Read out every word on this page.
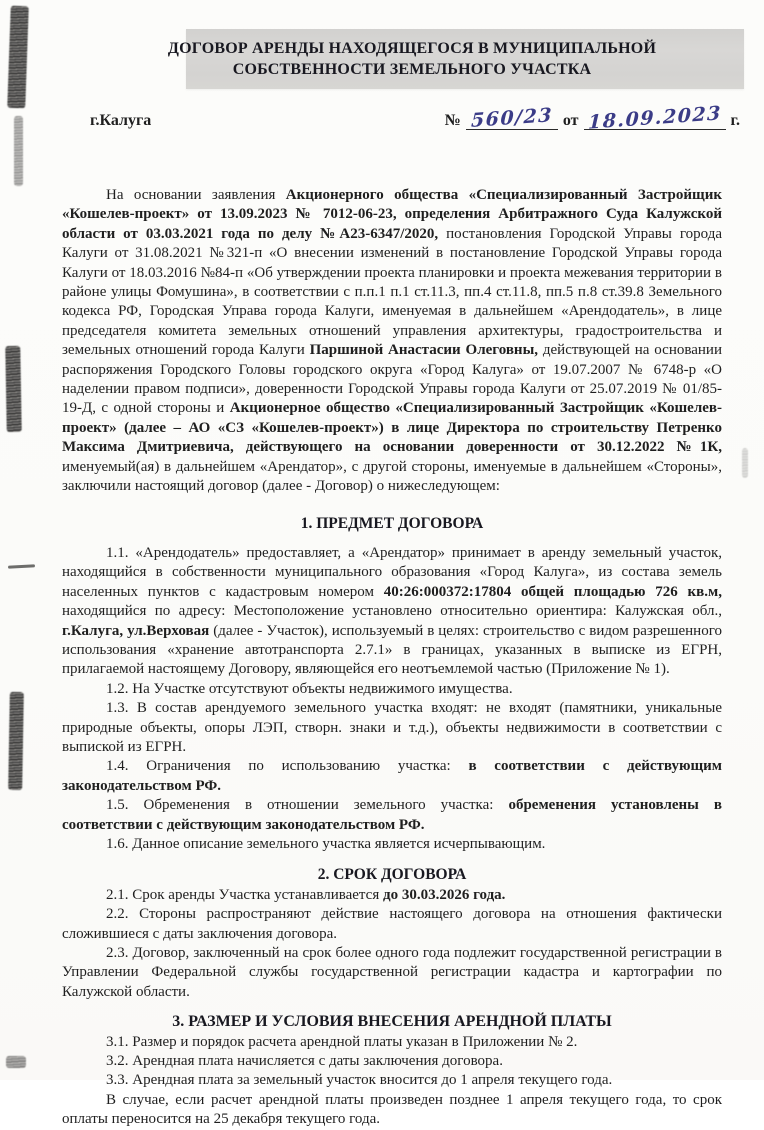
ДОГОВОР АРЕНДЫ НАХОДЯЩЕГОСЯ В МУНИЦИПАЛЬНОЙ СОБСТВЕННОСТИ ЗЕМЕЛЬНОГО УЧАСТКА
г.Калуга	№ 560/23 от 18.09.2023 г.

На основании заявления Акционерного общества «Специализированный Застройщик «Кошелев-проект» от 13.09.2023 № 7012-06-23, определения Арбитражного Суда Калужской области от 03.03.2021 года по делу №А23-6347/2020, постановления Городской Управы города Калуги от 31.08.2021 №321-п «О внесении изменений в постановление Городской Управы города Калуги от 18.03.2016 №84-п «Об утверждении проекта планировки и проекта межевания территории в районе улицы Фомушина», в соответствии с п.п.1 п.1 ст.11.3, пп.4 ст.11.8, пп.5 п.8 ст.39.8 Земельного кодекса РФ, Городская Управа города Калуги, именуемая в дальнейшем «Арендодатель», в лице председателя комитета земельных отношений управления архитектуры, градостроительства и земельных отношений города Калуги Паршиной Анастасии Олеговны, действующей на основании распоряжения Городского Головы городского округа «Город Калуга» от 19.07.2007 № 6748-р «О наделении правом подписи», доверенности Городской Управы города Калуги от 25.07.2019 № 01/85-19-Д, с одной стороны и Акционерное общество «Специализированный Застройщик «Кошелев-проект» (далее – АО «СЗ «Кошелев-проект») в лице Директора по строительству Петренко Максима Дмитриевича, действующего на основании доверенности от 30.12.2022 №1К, именуемый(ая) в дальнейшем «Арендатор», с другой стороны, именуемые в дальнейшем «Стороны», заключили настоящий договор (далее - Договор) о нижеследующем:

1. ПРЕДМЕТ ДОГОВОРА

1.1. «Арендодатель» предоставляет, а «Арендатор» принимает в аренду земельный участок, находящийся в собственности муниципального образования «Город Калуга», из состава земель населенных пунктов с кадастровым номером 40:26:000372:17804 общей площадью 726 кв.м, находящийся по адресу: Местоположение установлено относительно ориентира: Калужская обл., г.Калуга, ул.Верховая (далее - Участок), используемый в целях: строительство с видом разрешенного использования «хранение автотранспорта 2.7.1» в границах, указанных в выписке из ЕГРН, прилагаемой настоящему Договору, являющейся его неотъемлемой частью (Приложение № 1).

1.2. На Участке отсутствуют объекты недвижимого имущества.

1.3. В состав арендуемого земельного участка входят: не входят (памятники, уникальные природные объекты, опоры ЛЭП, створн. знаки и т.д.), объекты недвижимости в соответствии с выпиской из ЕГРН.

1.4. Ограничения по использованию участка: в соответствии с действующим законодательством РФ.

1.5. Обременения в отношении земельного участка: обременения установлены в соответствии с действующим законодательством РФ.

1.6. Данное описание земельного участка является исчерпывающим.

2. СРОК ДОГОВОРА

2.1. Срок аренды Участка устанавливается до 30.03.2026 года.

2.2. Стороны распространяют действие настоящего договора на отношения фактически сложившиеся с даты заключения договора.

2.3. Договор, заключенный на срок более одного года подлежит государственной регистрации в Управлении Федеральной службы государственной регистрации кадастра и картографии по Калужской области.

3. РАЗМЕР И УСЛОВИЯ ВНЕСЕНИЯ АРЕНДНОЙ ПЛАТЫ

3.1. Размер и порядок расчета арендной платы указан в Приложении № 2.

3.2. Арендная плата начисляется с даты заключения договора.

3.3. Арендная плата за земельный участок вносится до 1 апреля текущего года.

В случае, если расчет арендной платы произведен позднее 1 апреля текущего года, то срок оплаты переносится на 25 декабря текущего года.
